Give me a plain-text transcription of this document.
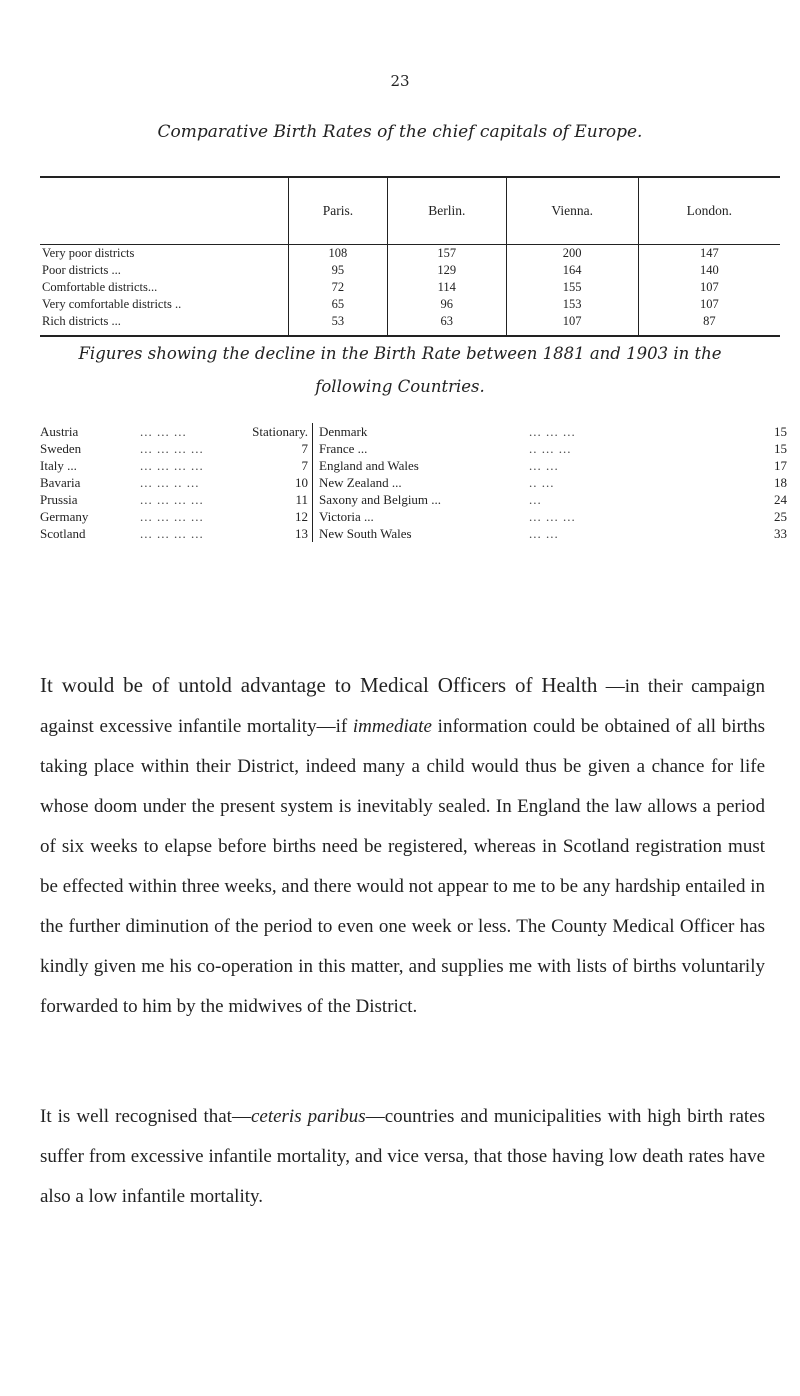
23
Comparative Birth Rates of the chief capitals of Europe.
	Paris.	Berlin.	Vienna.	London.
Very poor districts	108	157	200	147
Poor districts ...	95	129	164	140
Comfortable districts...	72	114	155	107
Very comfortable districts ..	65	96	153	107
Rich districts ...	53	63	107	87
Figures showing the decline in the Birth Rate between 1881 and 1903 in the
following Countries.
Austria	... ... ...	Stationary.
Sweden	... ... ... ...	7
Italy ...	... ... ... ...	7
Bavaria	... ... .. ...	10
Prussia	... ... ... ...	11
Germany	... ... ... ...	12
Scotland	... ... ... ...	13
Denmark	... ... ...	15
France ...	.. ... ...	15
England and Wales	... ...	17
New Zealand ...	.. ...	18
Saxony and Belgium ...	...	24
Victoria ...	... ... ...	25
New South Wales	... ...	33
It would be of untold advantage to Medical Officers of Health —in their campaign against excessive infantile mortality—if immediate information could be obtained of all births taking place within their District, indeed many a child would thus be given a chance for life whose doom under the present system is inevitably sealed. In England the law allows a period of six weeks to elapse before births need be registered, whereas in Scotland registration must be effected within three weeks, and there would not appear to me to be any hardship entailed in the further diminution of the period to even one week or less. The County Medical Officer has kindly given me his co-operation in this matter, and supplies me with lists of births voluntarily forwarded to him by the midwives of the District.
It is well recognised that—ceteris paribus—countries and municipalities with high birth rates suffer from excessive infantile mortality, and vice versa, that those having low death rates have also a low infantile mortality.
